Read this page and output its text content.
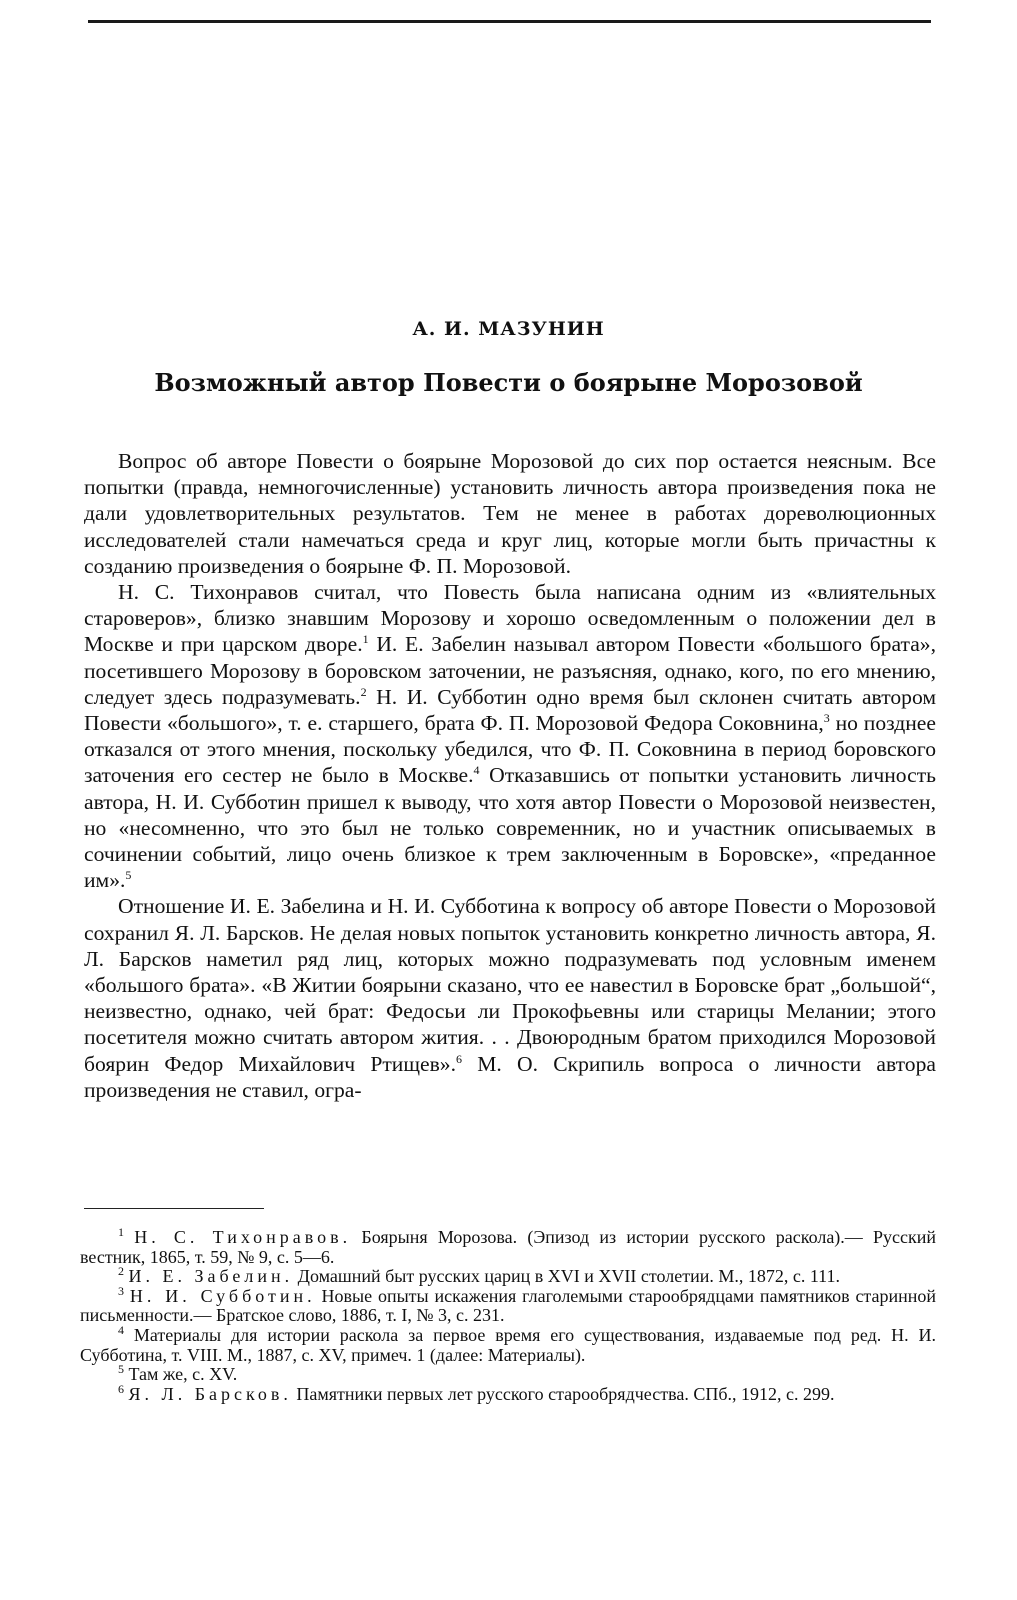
А. И. МАЗУНИН
Возможный автор Повести о боярыне Морозовой

Вопрос об авторе Повести о боярыне Морозовой до сих пор остается неясным. Все попытки (правда, немногочисленные) установить личность автора произведения пока не дали удовлетворительных результатов. Тем не менее в работах дореволюционных исследователей стали намечаться среда и круг лиц, которые могли быть причастны к созданию произведения о боярыне Ф. П. Морозовой.

Н. С. Тихонравов считал, что Повесть была написана одним из «влиятельных староверов», близко знавшим Морозову и хорошо осведомленным о положении дел в Москве и при царском дворе.$^1$ И. Е. Забелин называл автором Повести «большого брата», посетившего Морозову в боровском заточении, не разъясняя, однако, кого, по его мнению, следует здесь подразумевать.$^2$ Н. И. Субботин одно время был склонен считать автором Повести «большого», т. е. старшего, брата Ф. П. Морозовой Федора Соковнина,$^3$ но позднее отказался от этого мнения, поскольку убедился, что Ф. П. Соковнина в период боровского заточения его сестер не было в Москве.$^4$ Отказавшись от попытки установить личность автора, Н. И. Субботин пришел к выводу, что хотя автор Повести о Морозовой неизвестен, но «несомненно, что это был не только современник, но и участник описываемых в сочинении событий, лицо очень близкое к трем заключенным в Боровске», «преданное им».$^5$

Отношение И. Е. Забелина и Н. И. Субботина к вопросу об авторе Повести о Морозовой сохранил Я. Л. Барсков. Не делая новых попыток установить конкретно личность автора, Я. Л. Барсков наметил ряд лиц, которых можно подразумевать под условным именем «большого брата». «В Житии боярыни сказано, что ее навестил в Боровске брат „большой“, неизвестно, однако, чей брат: Федосьи ли Прокофьевны или старицы Мелании; этого посетителя можно считать автором жития. . . Двоюродным братом приходился Морозовой боярин Федор Михайлович Ртищев».$^6$ М. О. Скрипиль вопроса о личности автора произведения не ставил, огра-

$^1$ Н. С. Тихонравов. Боярыня Морозова. (Эпизод из истории русского раскола).— Русский вестник, 1865, т. 59, № 9, с. 5—6.

$^2$ И. Е. Забелин. Домашний быт русских цариц в XVI и XVII столетии. М., 1872, с. 111.

$^3$ Н. И. Субботин. Новые опыты искажения глаголемыми старообрядцами памятников старинной письменности.— Братское слово, 1886, т. I, № 3, с. 231.

$^4$ Материалы для истории раскола за первое время его существования, издаваемые под ред. Н. И. Субботина, т. VIII. М., 1887, с. XV, примеч. 1 (далее: Материалы).

$^5$ Там же, с. XV.

$^6$ Я. Л. Барсков. Памятники первых лет русского старообрядчества. СПб., 1912, с. 299.
